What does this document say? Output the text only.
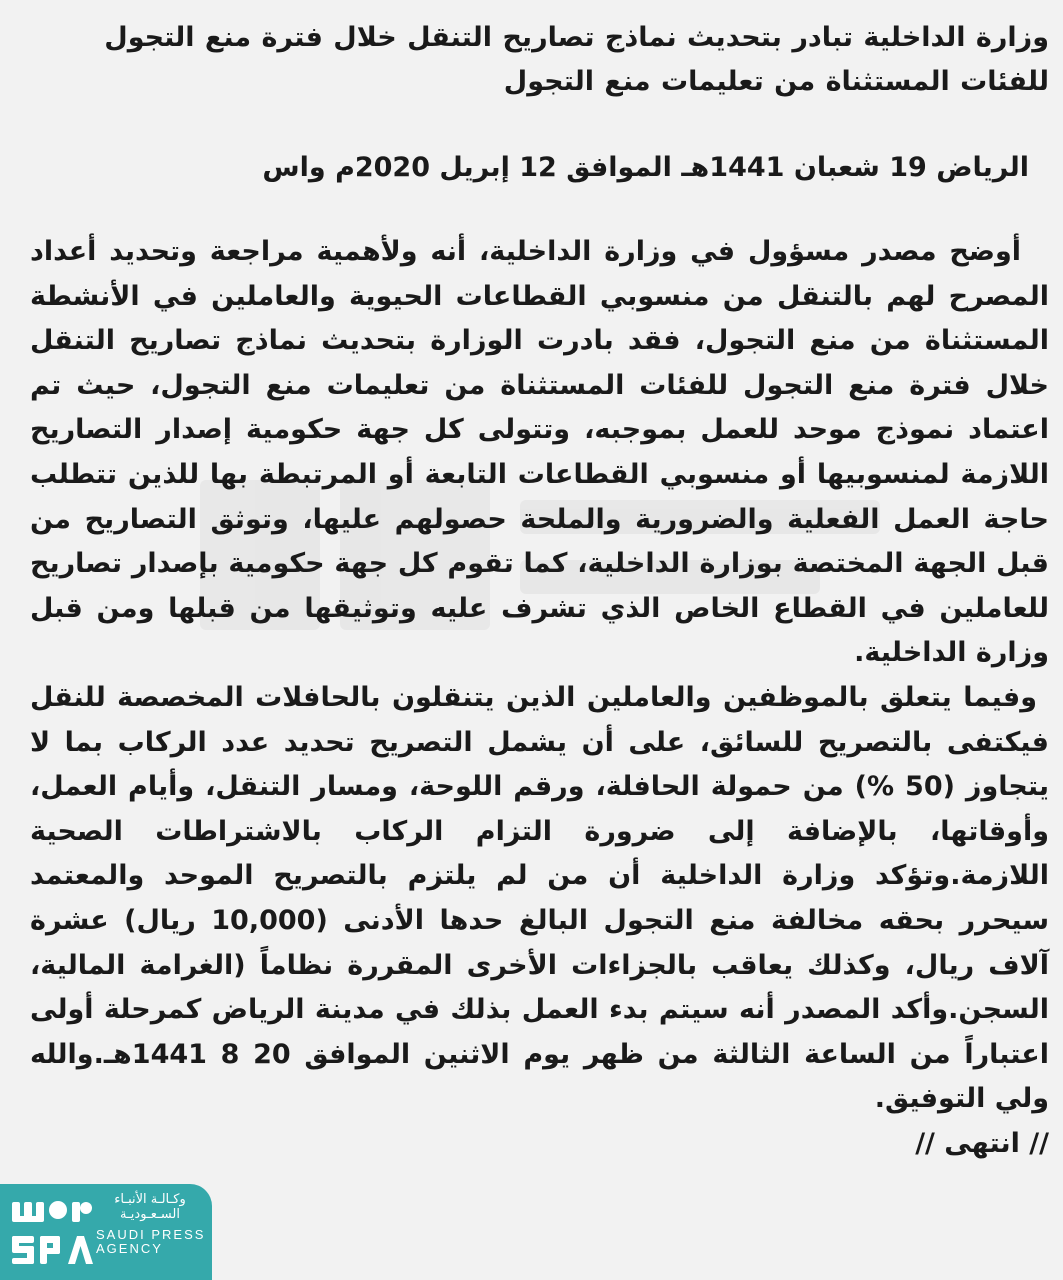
وزارة الداخلية تبادر بتحديث نماذج تصاريح التنقل خلال فترة منع التجول للفئات المستثناة من تعليمات منع التجول
الرياض 19 شعبان 1441هـ الموافق 12 إبريل 2020م واس

أوضح مصدر مسؤول في وزارة الداخلية، أنه ولأهمية مراجعة وتحديد أعداد المصرح لهم بالتنقل من منسوبي القطاعات الحيوية والعاملين في الأنشطة المستثناة من منع التجول، فقد بادرت الوزارة بتحديث نماذج تصاريح التنقل خلال فترة منع التجول للفئات المستثناة من تعليمات منع التجول، حيث تم اعتماد نموذج موحد للعمل بموجبه، وتتولى كل جهة حكومية إصدار التصاريح اللازمة لمنسوبيها أو منسوبي القطاعات التابعة أو المرتبطة بها للذين تتطلب حاجة العمل الفعلية والضرورية والملحة حصولهم عليها، وتوثق التصاريح من قبل الجهة المختصة بوزارة الداخلية، كما تقوم كل جهة حكومية بإصدار تصاريح للعاملين في القطاع الخاص الذي تشرف عليه وتوثيقها من قبلها ومن قبل وزارة الداخلية.

وفيما يتعلق بالموظفين والعاملين الذين يتنقلون بالحافلات المخصصة للنقل فيكتفى بالتصريح للسائق، على أن يشمل التصريح تحديد عدد الركاب بما لا يتجاوز (50 %) من حمولة الحافلة، ورقم اللوحة، ومسار التنقل، وأيام العمل، وأوقاتها، بالإضافة إلى ضرورة التزام الركاب بالاشتراطات الصحية اللازمة.وتؤكد وزارة الداخلية أن من لم يلتزم بالتصريح الموحد والمعتمد سيحرر بحقه مخالفة منع التجول البالغ حدها الأدنى (10,000 ريال) عشرة آلاف ريال، وكذلك يعاقب بالجزاءات الأخرى المقررة نظاماً (الغرامة المالية، السجن.وأكد المصدر أنه سيتم بدء العمل بذلك في مدينة الرياض كمرحلة أولى اعتباراً من الساعة الثالثة من ظهر يوم الاثنين الموافق 20 8 1441هـ.والله ولي التوفيق.

// انتهى //

وكـالـة الأنبـاء السـعـوديـة
SAUDI PRESS
AGENCY
